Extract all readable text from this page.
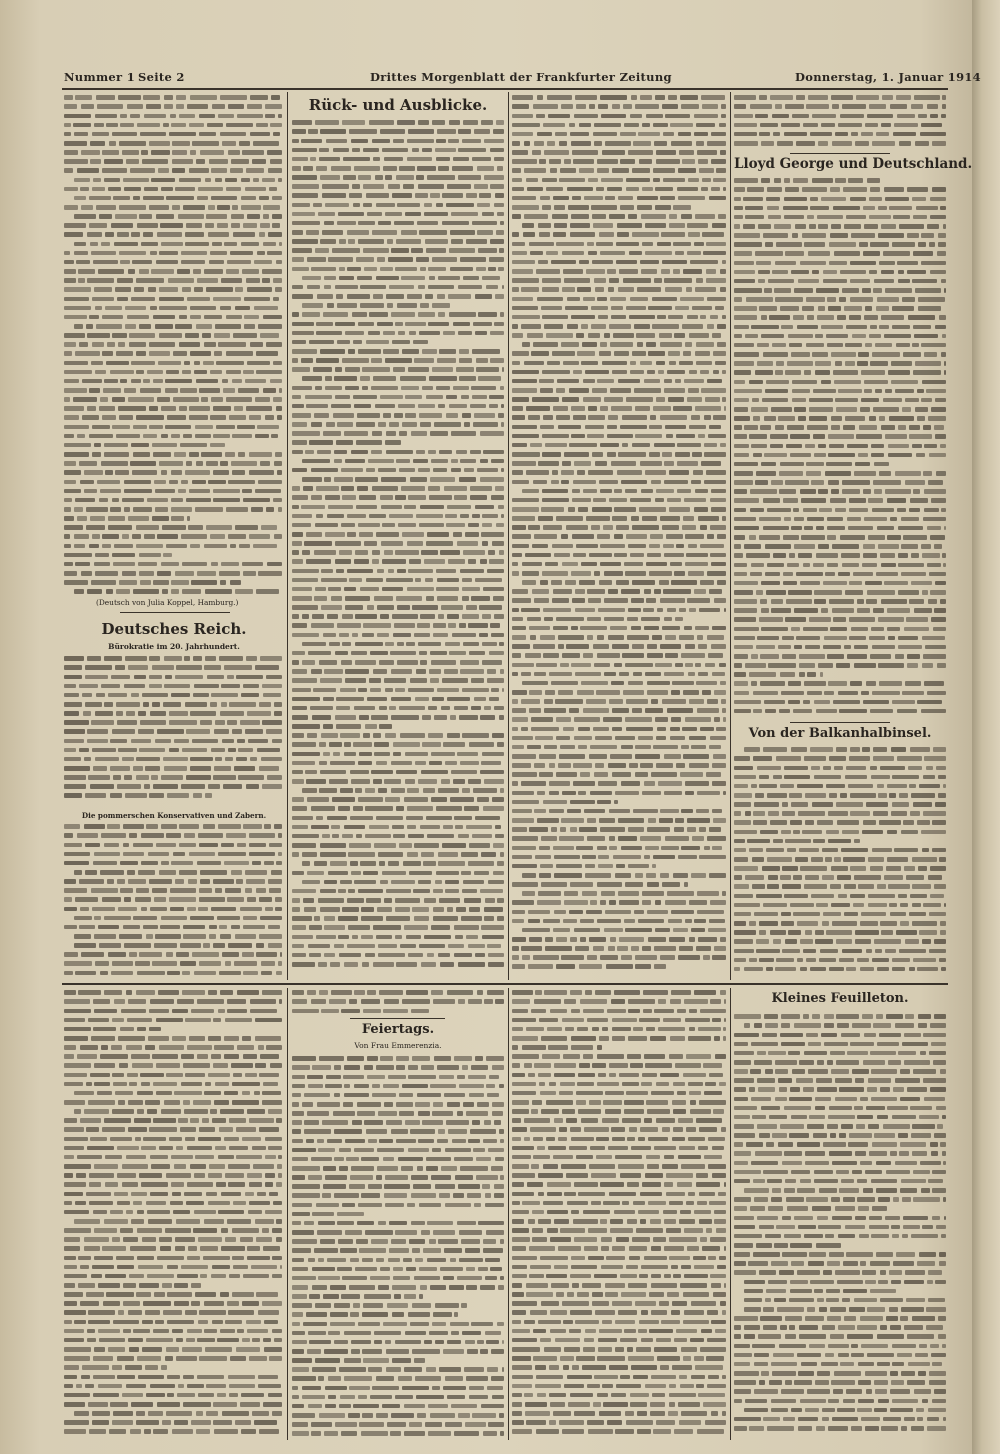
Nummer 1 Seite 2	Drittes Morgenblatt der Frankfurter Zeitung	Donnerstag, 1. Januar 1914
(Deutsch von Julia Koppel, Hamburg.)
Deutsches Reich.
Bürokratie im 20. Jahrhundert.
Die pommerschen Konservativen und Zabern.
Rück- und Ausblicke.
Lloyd George und Deutschland.
Von der Balkanhalbinsel.
Feiertags.
Von Frau Emmerenzia.
Kleines Feuilleton.
